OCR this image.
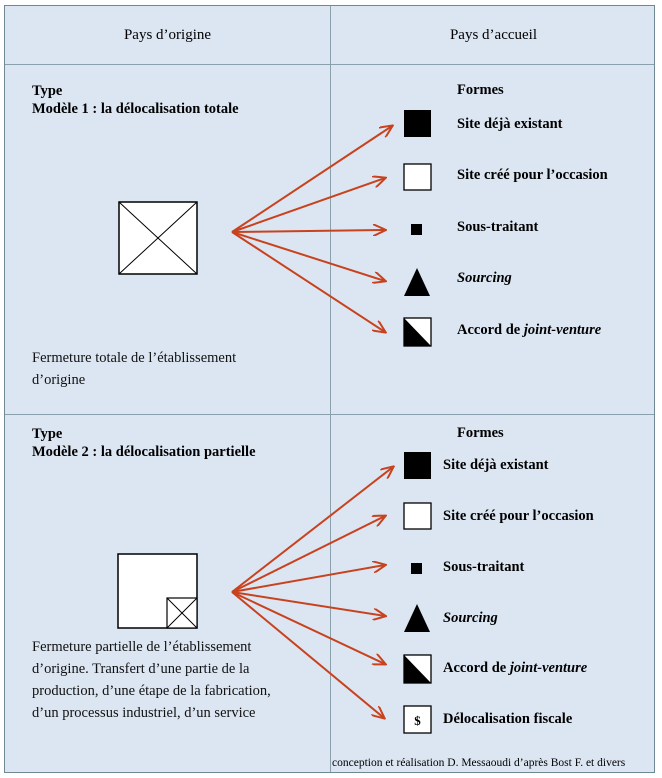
Pays d’origine	Pays d’accueil
Type
Modèle 1 : la délocalisation totale
Fermeture totale de l’établissement
d’origine
Formes
Site déjà existant
Site créé pour l’occasion
Sous-traitant
Sourcing
Accord de joint-venture
Type
Modèle 2 : la délocalisation partielle
Fermeture partielle de l’établissement
d’origine. Transfert d’une partie de la
production, d’une étape de la fabrication,
d’un processus industriel, d’un service
Formes
Site déjà existant
Site créé pour l’occasion
Sous-traitant
Sourcing
Accord de joint-venture
Délocalisation fiscale
conception et réalisation D. Messaoudi d’après Bost F. et divers
$
